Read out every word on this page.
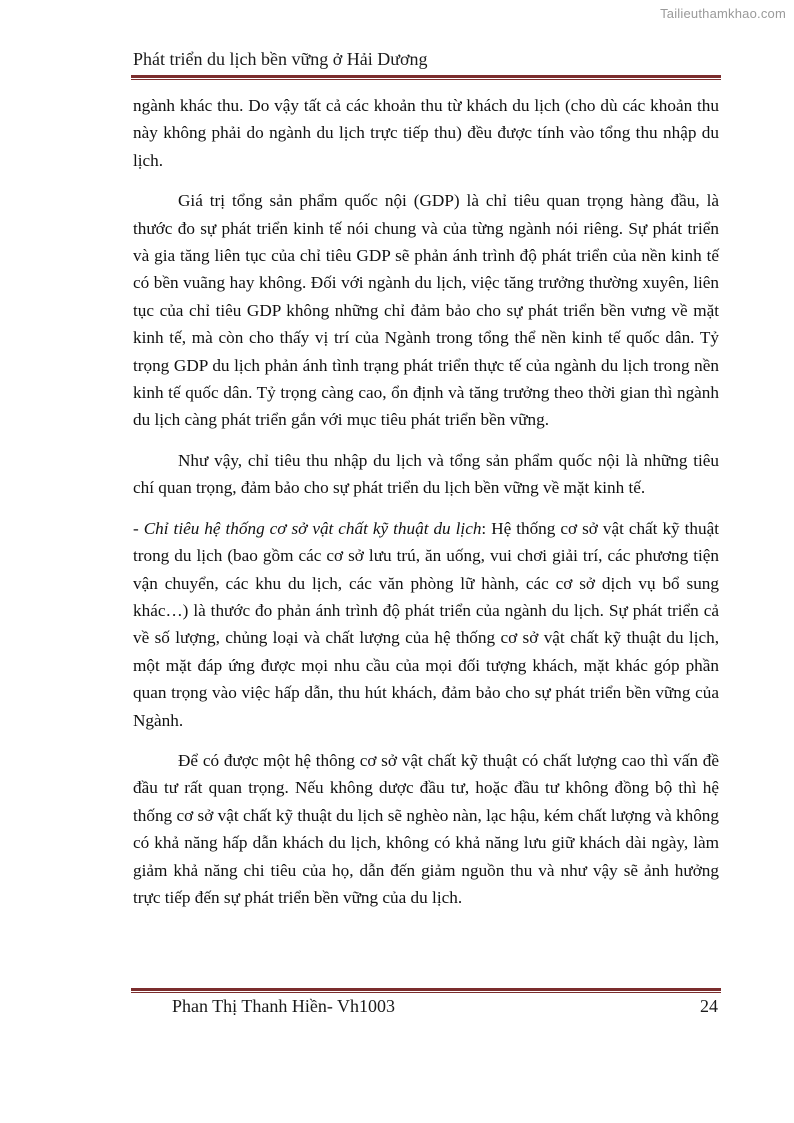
Tailieuthamkhao.com
Phát triển du lịch bền vững ở Hải Dương

ngành khác thu. Do vậy tất cả các khoản thu từ khách du lịch (cho dù các khoản thu này không phải do ngành du lịch trực tiếp thu) đều được tính vào tổng thu nhập du lịch.

Giá trị tổng sản phẩm quốc nội (GDP) là chỉ tiêu quan trọng hàng đầu, là thước đo sự phát triển kinh tế nói chung và của từng ngành nói riêng. Sự phát triển và gia tăng liên tục của chỉ tiêu GDP sẽ phản ánh trình độ phát triển của nền kinh tế có bền vuãng hay không. Đối với ngành du lịch, việc tăng trưởng thường xuyên, liên tục của chỉ tiêu GDP không những chỉ đảm bảo cho sự phát triển bền vưng về mặt kinh tế, mà còn cho thấy vị trí của Ngành trong tổng thể nền kinh tế quốc dân. Tỷ trọng GDP du lịch phản ánh tình trạng phát triển thực tế của ngành du lịch trong nền kinh tế quốc dân. Tỷ trọng càng cao, ổn định và tăng trưởng theo thời gian thì ngành du lịch càng phát triển gắn với mục tiêu phát triển bền vững.

Như vậy, chỉ tiêu thu nhập du lịch và tổng sản phẩm quốc nội là những tiêu chí quan trọng, đảm bảo cho sự phát triển du lịch bền vững về mặt kinh tế.

- Chỉ tiêu hệ thống cơ sở vật chất kỹ thuật du lịch: Hệ thống cơ sở vật chất kỹ thuật trong du lịch (bao gồm các cơ sở lưu trú, ăn uống, vui chơi giải trí, các phương tiện vận chuyển, các khu du lịch, các văn phòng lữ hành, các cơ sở dịch vụ bổ sung khác…) là thước đo phản ánh trình độ phát triển của ngành du lịch. Sự phát triển cả về số lượng, chủng loại và chất lượng của hệ thống cơ sở vật chất kỹ thuật du lịch, một mặt đáp ứng được mọi nhu cầu của mọi đối tượng khách, mặt khác góp phần quan trọng vào việc hấp dẫn, thu hút khách, đảm bảo cho sự phát triển bền vững của Ngành.

Để có được một hệ thông cơ sở vật chất kỹ thuật có chất lượng cao thì vấn đề đầu tư rất quan trọng. Nếu không dược đầu tư, hoặc đầu tư không đồng bộ thì hệ thống cơ sở vật chất kỹ thuật du lịch sẽ nghèo nàn, lạc hậu, kém chất lượng và không có khả năng hấp dẫn khách du lịch, không có khả năng lưu giữ khách dài ngày, làm giảm khả năng chi tiêu của họ, dẫn đến giảm nguồn thu và như vậy sẽ ảnh hưởng trực tiếp đến sự phát triển bền vững của du lịch.

Phan Thị Thanh Hiền- Vh1003	24
